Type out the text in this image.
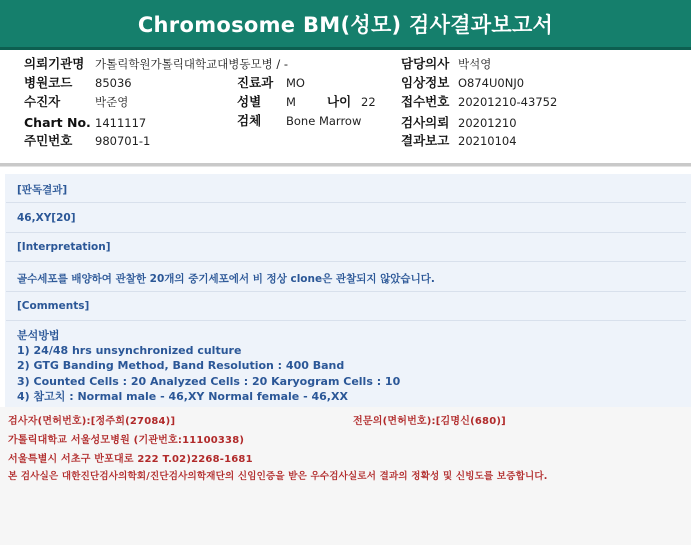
Chromosome BM(성모) 검사결과보고서
의뢰기관명 가톨릭학원가톨릭대학교대병동모병 / -
병원코드 85036
수진자	박준영
Chart No. 1411117
주민번호 980701-1
진료과 MO
성별 M 나이 22
검체 Bone Marrow
담당의사 박석영
임상정보 O874U0NJ0
접수번호 20201210-43752
검사의뢰 20201210
결과보고 20210104
[판독결과]
46,XY[20]
[Interpretation]
골수세포를 배양하여 관찰한 20개의 중기세포에서 비 정상 clone은 관찰되지 않았습니다.
[Comments]
분석방법
1) 24/48 hrs unsynchronized culture
2) GTG Banding Method, Band Resolution : 400 Band
3) Counted Cells : 20 Analyzed Cells : 20 Karyogram Cells : 10
4) 참고치 : Normal male - 46,XY Normal female - 46,XX
검사자(면허번호):[정주희(27084)]	전문의(면허번호):[김명신(680)]
가톨릭대학교 서울성모병원 (기관번호:11100338)
서울특별시 서초구 반포대로 222 T.02)2268-1681
본 검사실은 대한진단검사의학회/진단검사의학재단의 신임인증을 받은 우수검사실로서 결과의 정확성 및 신빙도를 보증합니다.
